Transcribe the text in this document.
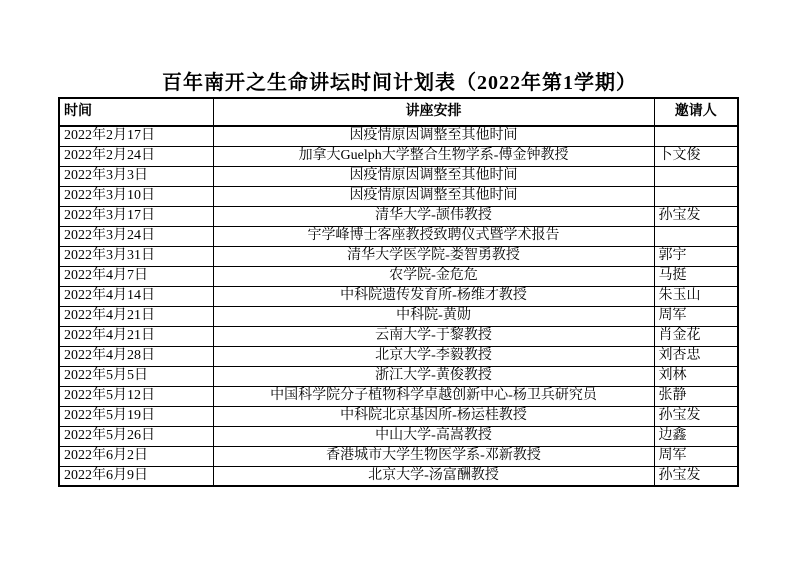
百年南开之生命讲坛时间计划表（2022年第1学期）
时间	讲座安排	邀请人
2022年2月17日	因疫情原因调整至其他时间	
2022年2月24日	加拿大Guelph大学整合生物学系-傅金钟教授	卜文俊
2022年3月3日	因疫情原因调整至其他时间	
2022年3月10日	因疫情原因调整至其他时间	
2022年3月17日	清华大学-颉伟教授	孙宝发
2022年3月24日	宇学峰博士客座教授致聘仪式暨学术报告	
2022年3月31日	清华大学医学院-娄智勇教授	郭宇
2022年4月7日	农学院-金危危	马挺
2022年4月14日	中科院遗传发育所-杨维才教授	朱玉山
2022年4月21日	中科院-黄勋	周军
2022年4月21日	云南大学-于黎教授	肖金花
2022年4月28日	北京大学-李毅教授	刘杏忠
2022年5月5日	浙江大学-黄俊教授	刘林
2022年5月12日	中国科学院分子植物科学卓越创新中心-杨卫兵研究员	张静
2022年5月19日	中科院北京基因所-杨运桂教授	孙宝发
2022年5月26日	中山大学-高嵩教授	边鑫
2022年6月2日	香港城市大学生物医学系-邓新教授	周军
2022年6月9日	北京大学-汤富酬教授	孙宝发
